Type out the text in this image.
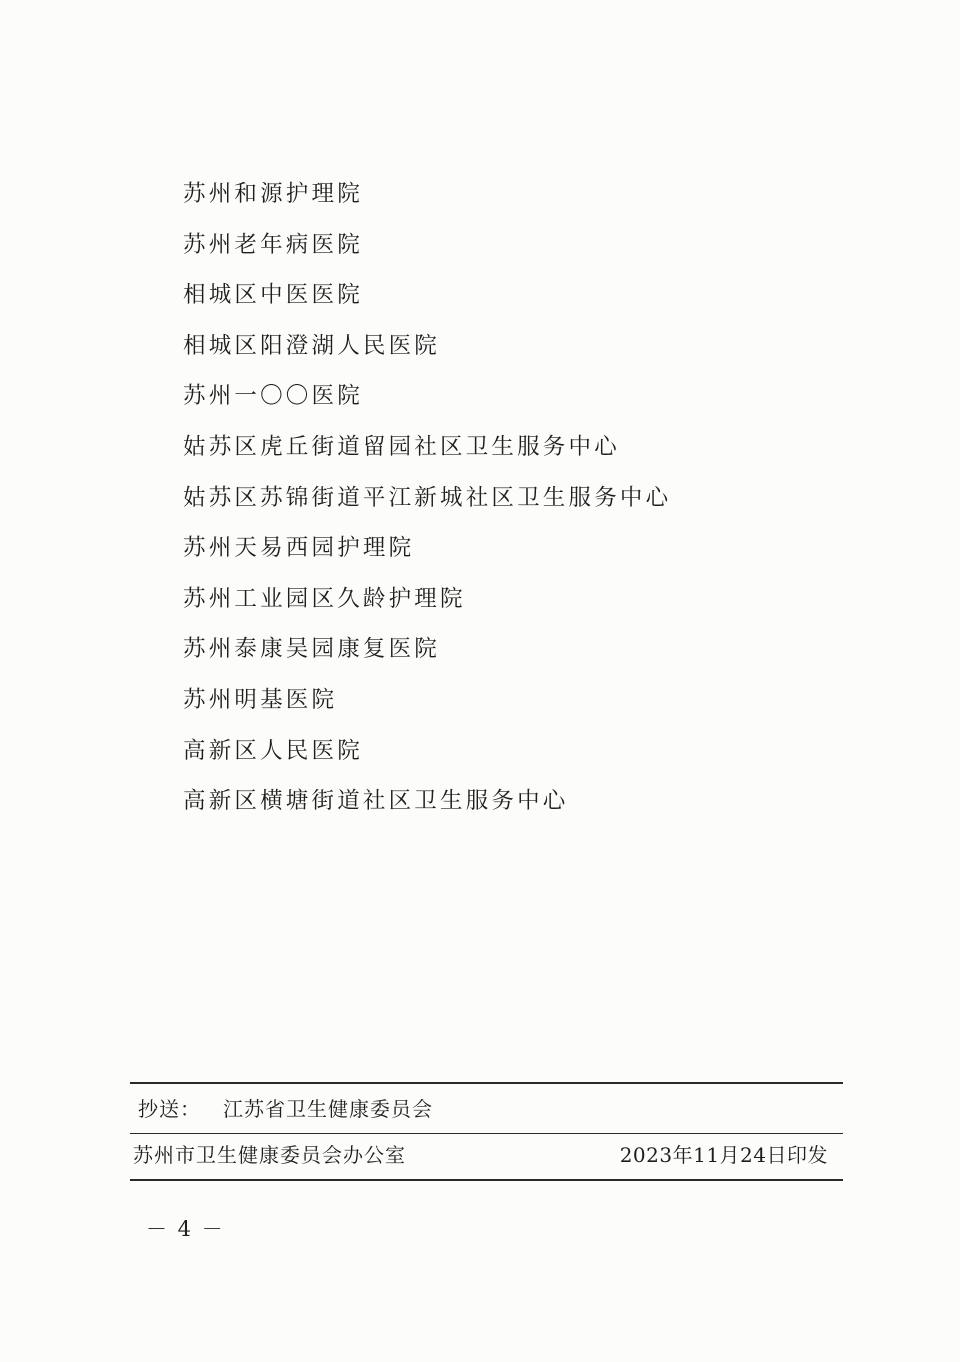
苏州和源护理院
苏州老年病医院
相城区中医医院
相城区阳澄湖人民医院
苏州一〇〇医院
姑苏区虎丘街道留园社区卫生服务中心
姑苏区苏锦街道平江新城社区卫生服务中心
苏州天易西园护理院
苏州工业园区久龄护理院
苏州泰康吴园康复医院
苏州明基医院
高新区人民医院
高新区横塘街道社区卫生服务中心
抄送： 江苏省卫生健康委员会
苏州市卫生健康委员会办公室	2023年11月24日印发
－ 4 －
